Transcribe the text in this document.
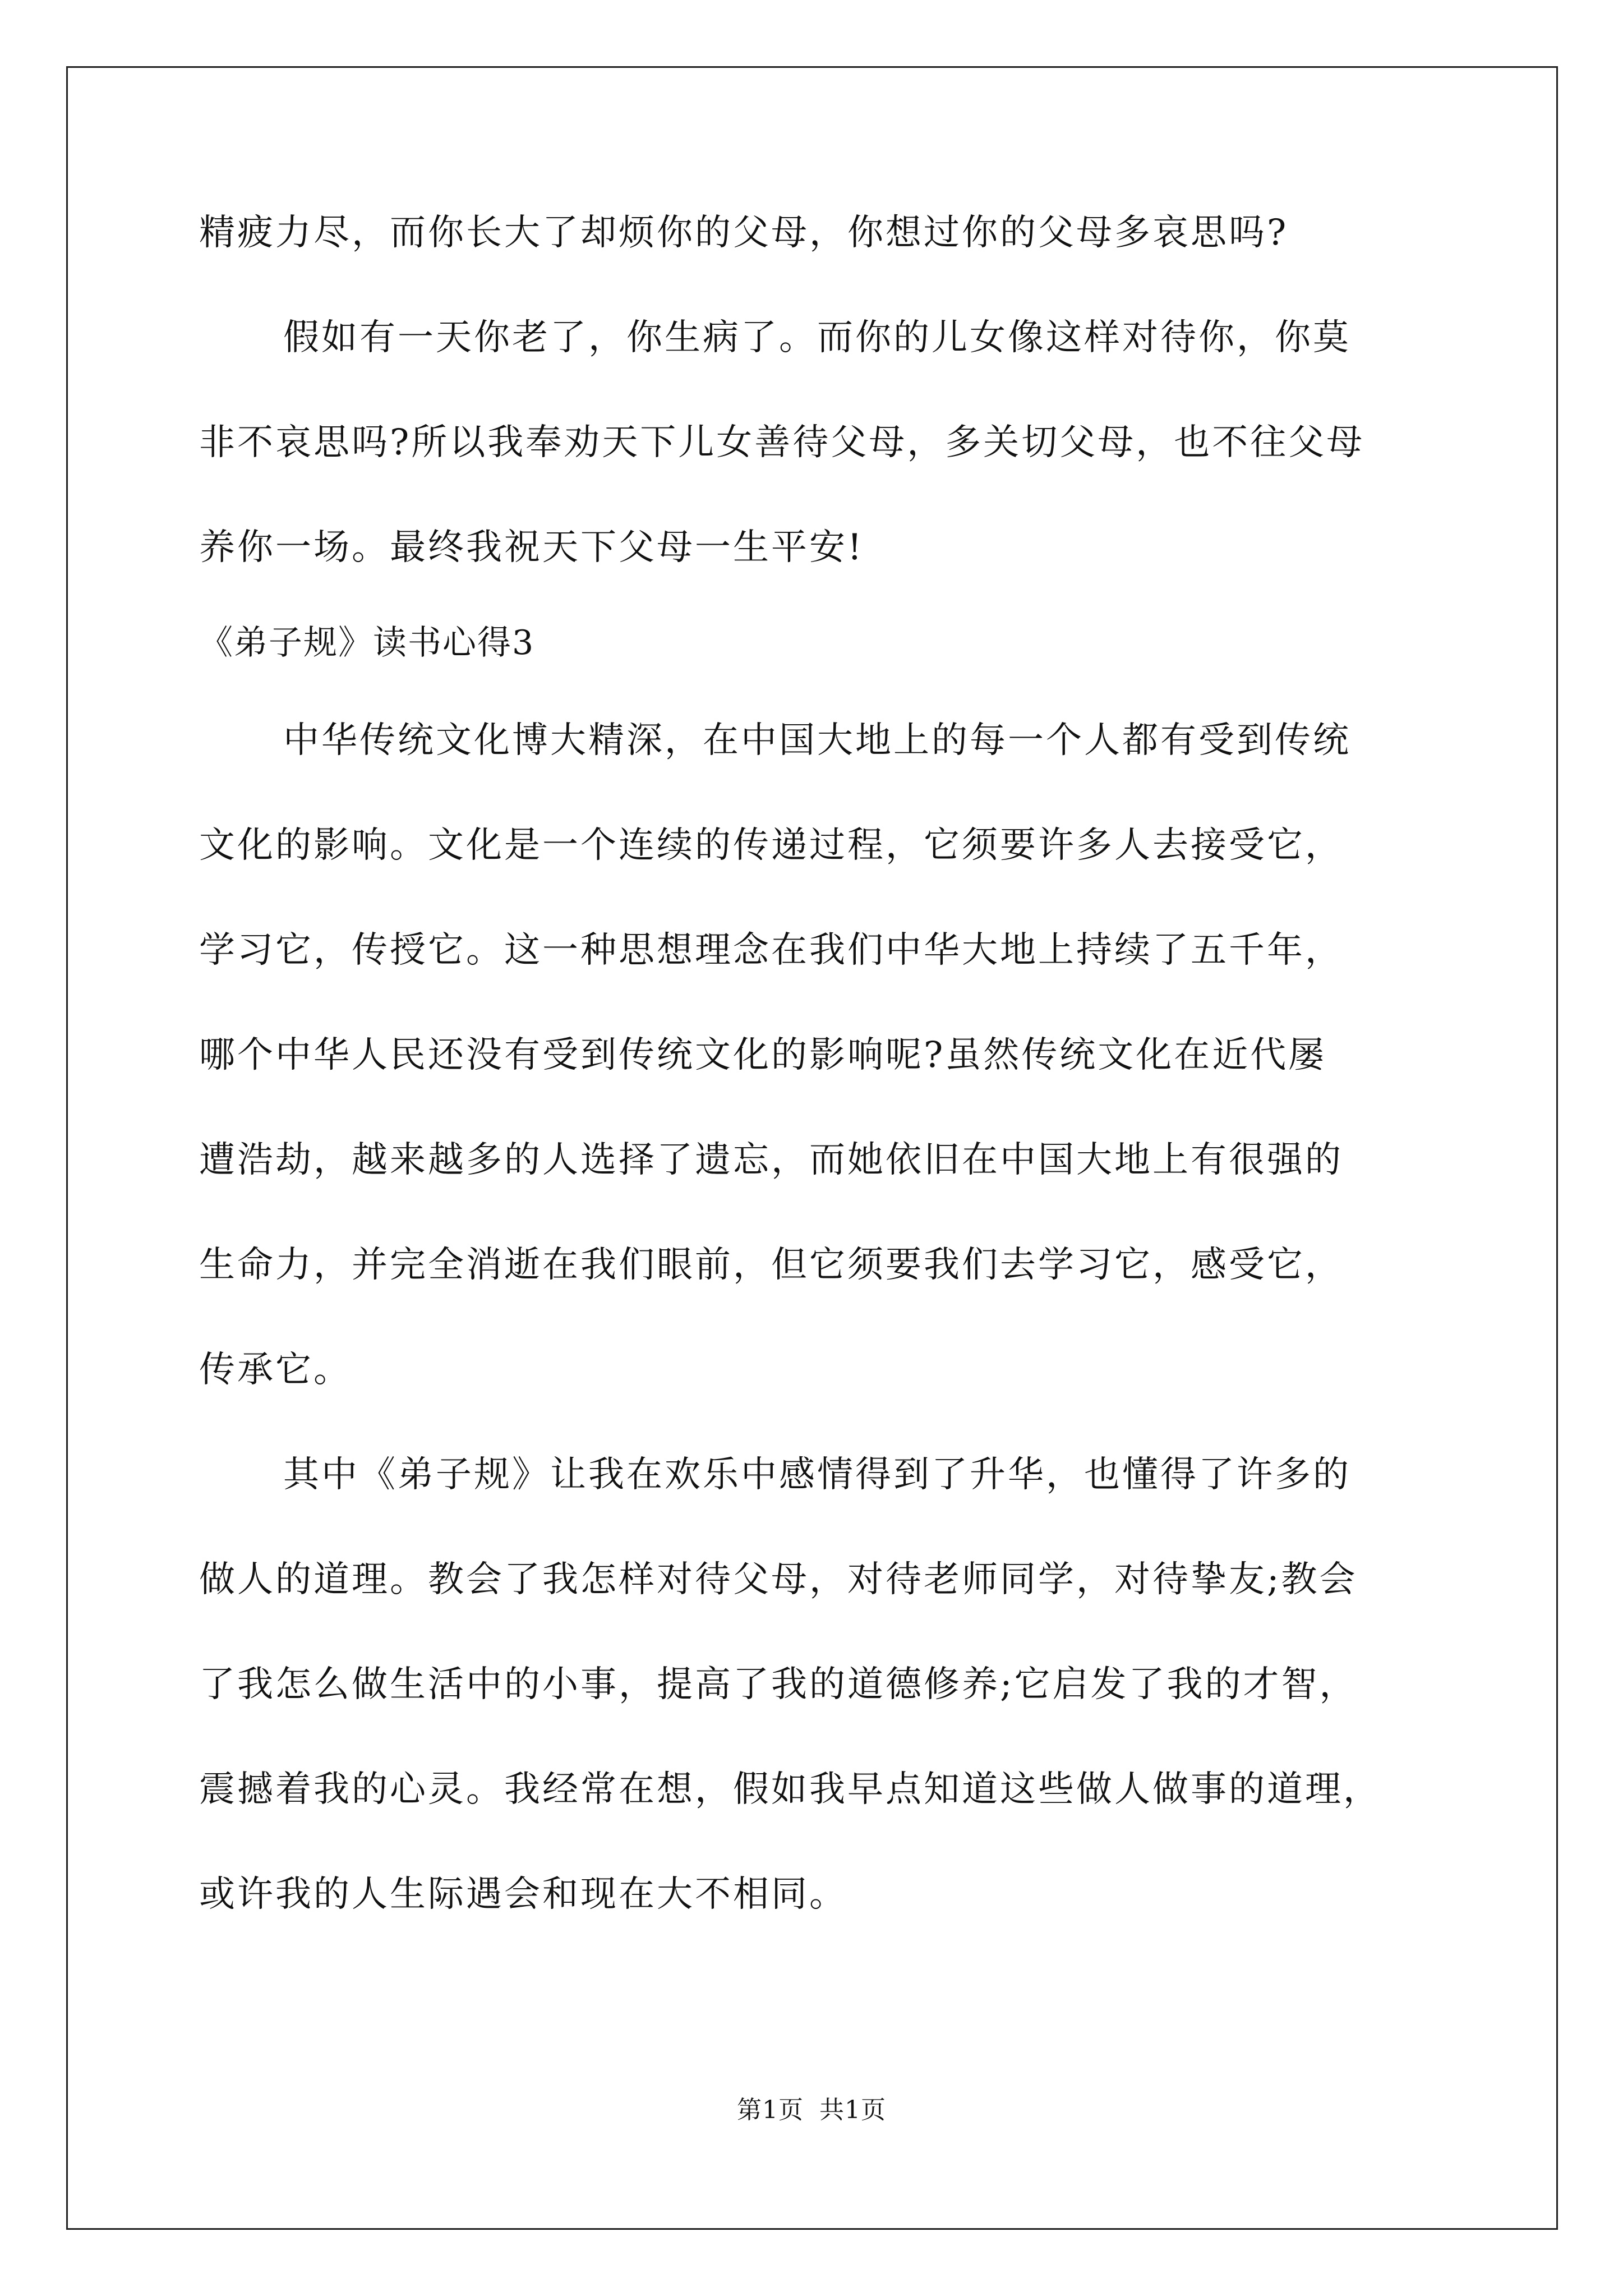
精疲力尽，而你长大了却烦你的父母，你想过你的父母多哀思吗?
假如有一天你老了，你生病了。而你的儿女像这样对待你，你莫
非不哀思吗?所以我奉劝天下儿女善待父母，多关切父母，也不往父母
养你一场。最终我祝天下父母一生平安!
《弟子规》读书心得3
中华传统文化博大精深，在中国大地上的每一个人都有受到传统
文化的影响。文化是一个连续的传递过程，它须要许多人去接受它，
学习它，传授它。这一种思想理念在我们中华大地上持续了五千年，
哪个中华人民还没有受到传统文化的影响呢?虽然传统文化在近代屡
遭浩劫，越来越多的人选择了遗忘，而她依旧在中国大地上有很强的
生命力，并完全消逝在我们眼前，但它须要我们去学习它，感受它，
传承它。
其中《弟子规》让我在欢乐中感情得到了升华，也懂得了许多的
做人的道理。教会了我怎样对待父母，对待老师同学，对待挚友;教会
了我怎么做生活中的小事，提高了我的道德修养;它启发了我的才智，
震撼着我的心灵。我经常在想，假如我早点知道这些做人做事的道理，
或许我的人生际遇会和现在大不相同。
第1页 共1页
